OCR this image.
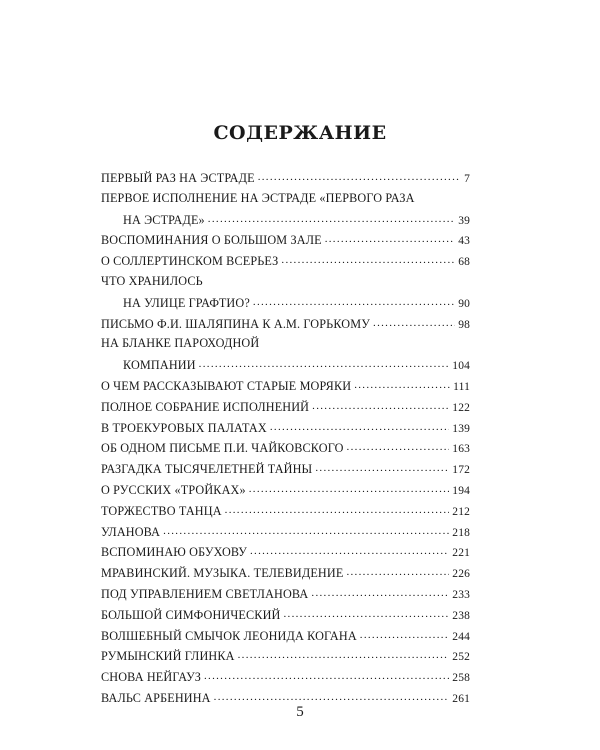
СОДЕРЖАНИЕ
ПЕРВЫЙ РАЗ НА ЭСТРАДЕ .....	7
ПЕРВОЕ ИСПОЛНЕНИЕ НА ЭСТРАДЕ «ПЕРВОГО РАЗА
НА ЭСТРАДЕ» .....	39
ВОСПОМИНАНИЯ О БОЛЬШОМ ЗАЛЕ .....	43
О СОЛЛЕРТИНСКОМ ВСЕРЬЕЗ .....	68
ЧТО ХРАНИЛОСЬ
НА УЛИЦЕ ГРАФТИО? .....	90
ПИСЬМО Ф.И. ШАЛЯПИНА К А.М. ГОРЬКОМУ .....	98
НА БЛАНКЕ ПАРОХОДНОЙ
КОМПАНИИ .....	104
О ЧЕМ РАССКАЗЫВАЮТ СТАРЫЕ МОРЯКИ .....	111
ПОЛНОЕ СОБРАНИЕ ИСПОЛНЕНИЙ .....	122
В ТРОЕКУРОВЫХ ПАЛАТАХ .....	139
ОБ ОДНОМ ПИСЬМЕ П.И. ЧАЙКОВСКОГО .....	163
РАЗГАДКА ТЫСЯЧЕЛЕТНЕЙ ТАЙНЫ .....	172
О РУССКИХ «ТРОЙКАХ» .....	194
ТОРЖЕСТВО ТАНЦА .....	212
УЛАНОВА .....	218
ВСПОМИНАЮ ОБУХОВУ .....	221
МРАВИНСКИЙ. МУЗЫКА. ТЕЛЕВИДЕНИЕ .....	226
ПОД УПРАВЛЕНИЕМ СВЕТЛАНОВА .....	233
БОЛЬШОЙ СИМФОНИЧЕСКИЙ .....	238
ВОЛШЕБНЫЙ СМЫЧОК ЛЕОНИДА КОГАНА .....	244
РУМЫНСКИЙ ГЛИНКА .....	252
СНОВА НЕЙГАУЗ .....	258
ВАЛЬС АРБЕНИНА .....	261
5
